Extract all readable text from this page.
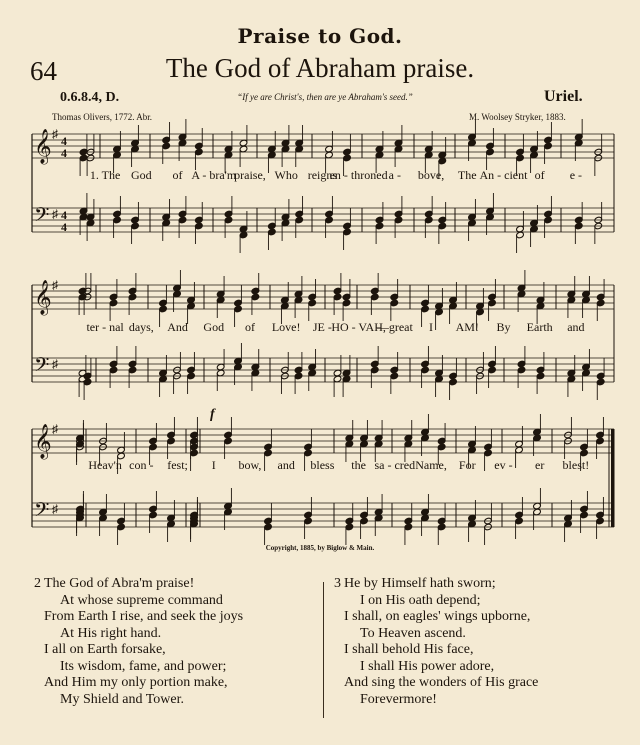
Praise to God.
64	The God of Abraham praise.
0.6.8.4, D.	“If ye are Christ's, then are ye Abraham's seed.”	Uriel.
Thomas Olivers, 1772. Abr.	M. Woolsey Stryker, 1883.
𝄞
𝄢
♯
♯
4
4
4
4
𝄞
𝄢
♯
♯
𝄞
𝄢
♯
♯
f
1. The God of A - bra'm
praise, Who reigns
en - throned a - bove, The An - cient of e -
ter - nal days, And God of Love! JE - HO - VAH,
—great I AM! By Earth and
Heav'n con - fest; I bow, and bless the sa - cred Name, For ev - er blest!
Copyright, 1885, by Biglow & Main.
2 The God of Abra'm praise!
At whose supreme command
From Earth I rise, and seek the joys
At His right hand.
I all on Earth forsake,
Its wisdom, fame, and power;
And Him my only portion make,
My Shield and Tower.
3 He by Himself hath sworn;
I on His oath depend;
I shall, on eagles' wings upborne,
To Heaven ascend.
I shall behold His face,
I shall His power adore,
And sing the wonders of His grace
Forevermore!
